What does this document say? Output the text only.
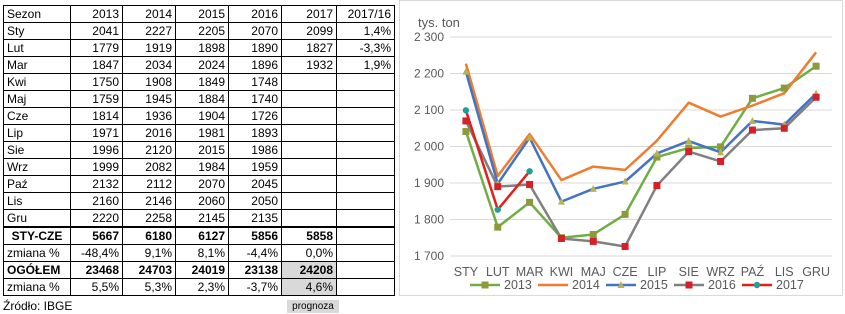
Sezon	2013	2014	2015	2016	2017	2017/16
Sty	2041	2227	2205	2070	2099	1,4%
Lut	1779	1919	1898	1890	1827	-3,3%
Mar	1847	2034	2024	1896	1932	1,9%
Kwi	1750	1908	1849	1748		
Maj	1759	1945	1884	1740		
Cze	1814	1936	1904	1726		
Lip	1971	2016	1981	1893		
Sie	1996	2120	2015	1986		
Wrz	1999	2082	1984	1959		
Paź	2132	2112	2070	2045		
Lis	2160	2146	2060	2050		
Gru	2220	2258	2145	2135		
STY-CZE	5667	6180	6127	5856	5858	
zmiana %	-48,4%	9,1%	8,1%	-4,4%	0,0%	
OGÓŁEM	23468	24703	24019	23138	24208	
zmiana %	5,5%	5,3%	2,3%	-3,7%	4,6%	
Źródło: IBGE	prognoza
tys. ton
1 700
1 800
1 900
2 000
2 100
2 200
2 300
STY LUT MAR KWI MAJ CZE LIP SIE WRZ PAŹ LIS GRU
2013	2014	2015	2016	2017
